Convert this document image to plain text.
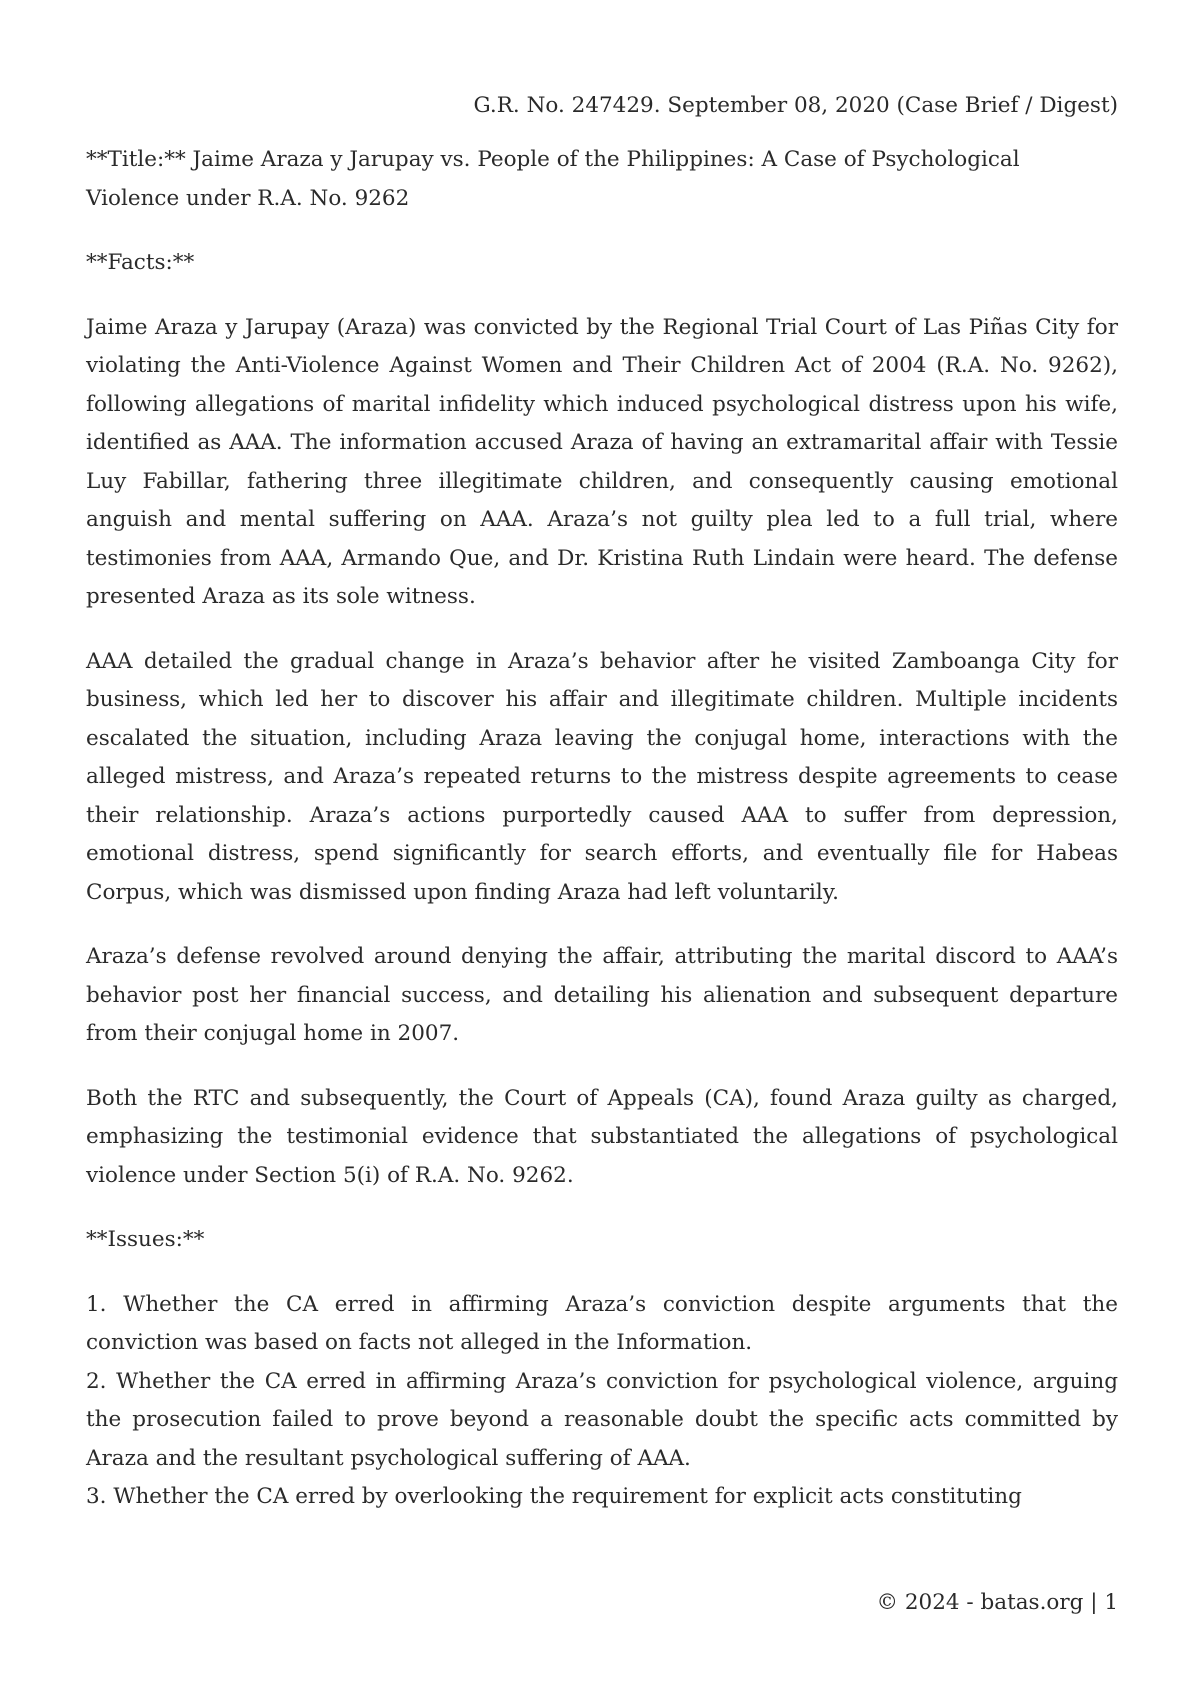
G.R. No. 247429. September 08, 2020 (Case Brief / Digest)

**Title:** Jaime Araza y Jarupay vs. People of the Philippines: A Case of Psychological Violence under R.A. No. 9262

**Facts:**

Jaime Araza y Jarupay (Araza) was convicted by the Regional Trial Court of Las Piñas City for violating the Anti-Violence Against Women and Their Children Act of 2004 (R.A. No. 9262), following allegations of marital infidelity which induced psychological distress upon his wife, identified as AAA. The information accused Araza of having an extramarital affair with Tessie Luy Fabillar, fathering three illegitimate children, and consequently causing emotional anguish and mental suffering on AAA. Araza’s not guilty plea led to a full trial, where testimonies from AAA, Armando Que, and Dr. Kristina Ruth Lindain were heard. The defense presented Araza as its sole witness.

AAA detailed the gradual change in Araza’s behavior after he visited Zamboanga City for business, which led her to discover his affair and illegitimate children. Multiple incidents escalated the situation, including Araza leaving the conjugal home, interactions with the alleged mistress, and Araza’s repeated returns to the mistress despite agreements to cease their relationship. Araza’s actions purportedly caused AAA to suffer from depression, emotional distress, spend significantly for search efforts, and eventually file for Habeas Corpus, which was dismissed upon finding Araza had left voluntarily.

Araza’s defense revolved around denying the affair, attributing the marital discord to AAA’s behavior post her financial success, and detailing his alienation and subsequent departure from their conjugal home in 2007.

Both the RTC and subsequently, the Court of Appeals (CA), found Araza guilty as charged, emphasizing the testimonial evidence that substantiated the allegations of psychological violence under Section 5(i) of R.A. No. 9262.

**Issues:**

1. Whether the CA erred in affirming Araza’s conviction despite arguments that the conviction was based on facts not alleged in the Information.
2. Whether the CA erred in affirming Araza’s conviction for psychological violence, arguing the prosecution failed to prove beyond a reasonable doubt the specific acts committed by Araza and the resultant psychological suffering of AAA.
3. Whether the CA erred by overlooking the requirement for explicit acts constituting
© 2024 - batas.org | 1
